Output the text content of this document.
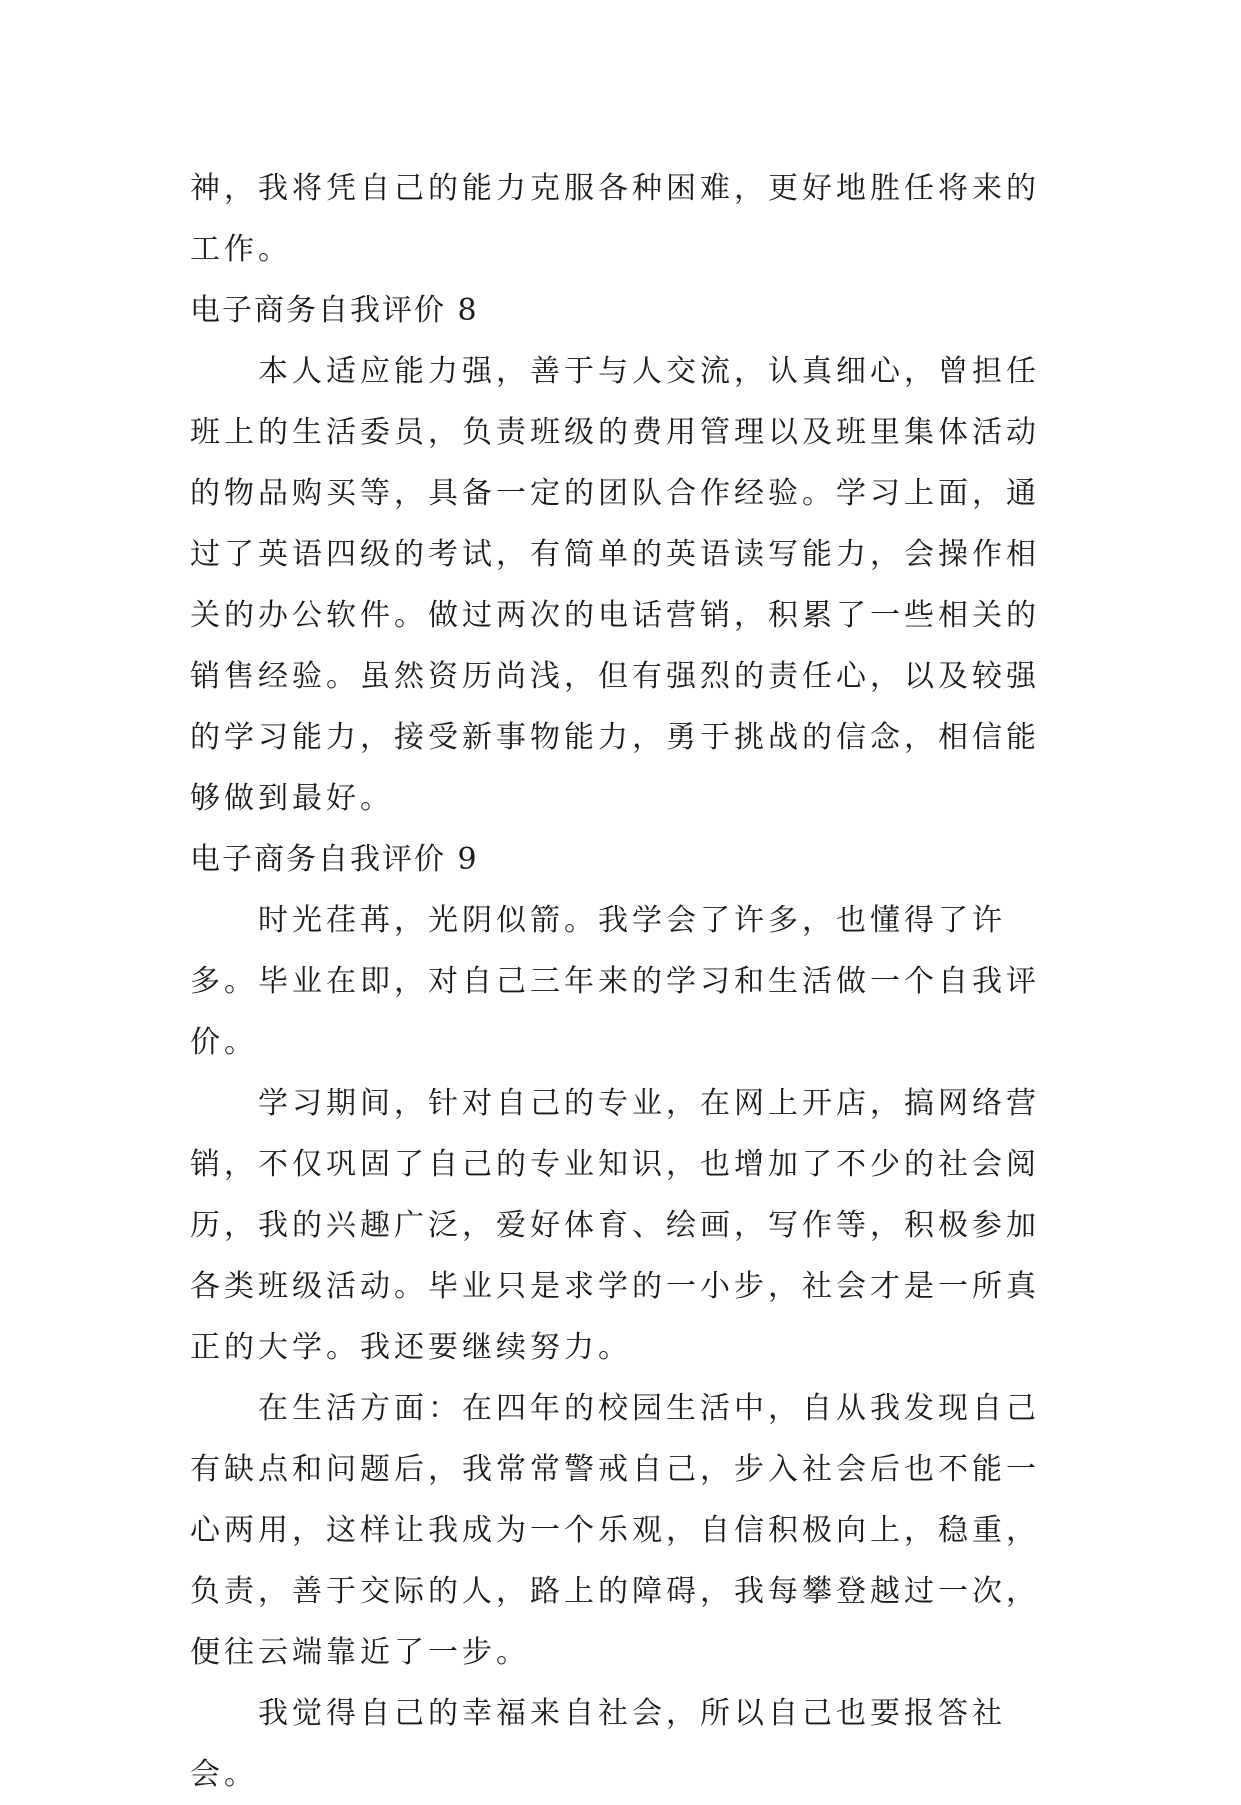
神，我将凭自己的能力克服各种困难，更好地胜任将来的工作。

电子商务自我评价 8

本人适应能力强，善于与人交流，认真细心，曾担任班上的生活委员，负责班级的费用管理以及班里集体活动的物品购买等，具备一定的团队合作经验。学习上面，通过了英语四级的考试，有简单的英语读写能力，会操作相关的办公软件。做过两次的电话营销，积累了一些相关的销售经验。虽然资历尚浅，但有强烈的责任心，以及较强的学习能力，接受新事物能力，勇于挑战的信念，相信能够做到最好。

电子商务自我评价 9

时光荏苒，光阴似箭。我学会了许多，也懂得了许多。毕业在即，对自己三年来的学习和生活做一个自我评价。

学习期间，针对自己的专业，在网上开店，搞网络营销，不仅巩固了自己的专业知识，也增加了不少的社会阅历，我的兴趣广泛，爱好体育、绘画，写作等，积极参加各类班级活动。毕业只是求学的一小步，社会才是一所真正的大学。我还要继续努力。

在生活方面：在四年的校园生活中，自从我发现自己有缺点和问题后，我常常警戒自己，步入社会后也不能一心两用，这样让我成为一个乐观，自信积极向上，稳重，负责，善于交际的人，路上的障碍，我每攀登越过一次，便往云端靠近了一步。

我觉得自己的幸福来自社会，所以自己也要报答社会。
